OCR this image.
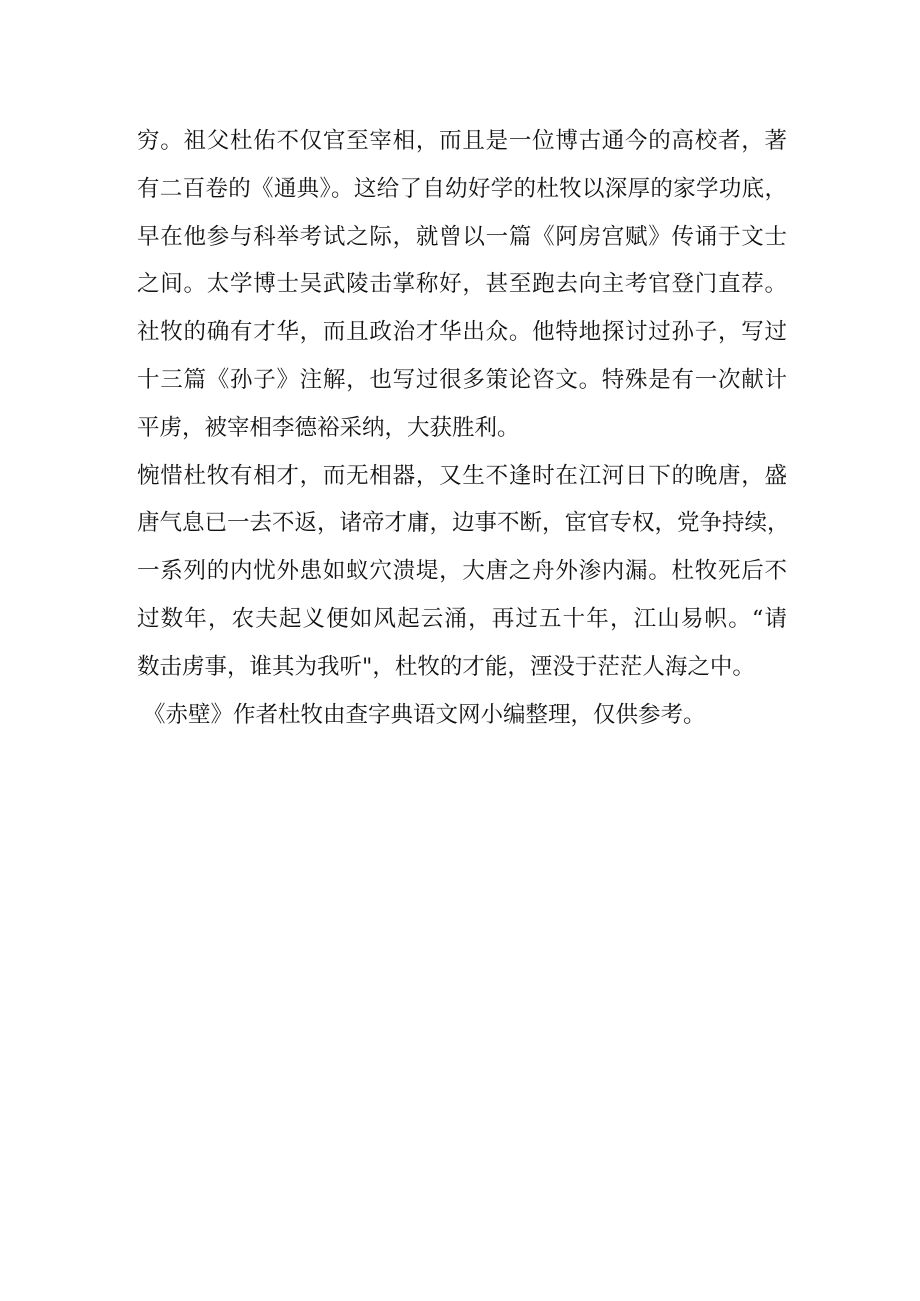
穷。祖父杜佑不仅官至宰相，而且是一位博古通今的高校者，著
有二百卷的《通典》。这给了自幼好学的杜牧以深厚的家学功底，
早在他参与科举考试之际，就曾以一篇《阿房宫赋》传诵于文士
之间。太学博士吴武陵击掌称好，甚至跑去向主考官登门直荐。
社牧的确有才华，而且政治才华出众。他特地探讨过孙子，写过
十三篇《孙子》注解，也写过很多策论咨文。特殊是有一次献计
平虏，被宰相李德裕采纳，大获胜利。
惋惜杜牧有相才，而无相器，又生不逢时在江河日下的晚唐，盛
唐气息已一去不返，诸帝才庸，边事不断，宦官专权，党争持续，
一系列的内忧外患如蚁穴溃堤，大唐之舟外渗内漏。杜牧死后不
过数年，农夫起义便如风起云涌，再过五十年，江山易帜。“请
数击虏事，谁其为我听"，杜牧的才能，湮没于茫茫人海之中。
《赤壁》作者杜牧由查字典语文网小编整理，仅供参考。
